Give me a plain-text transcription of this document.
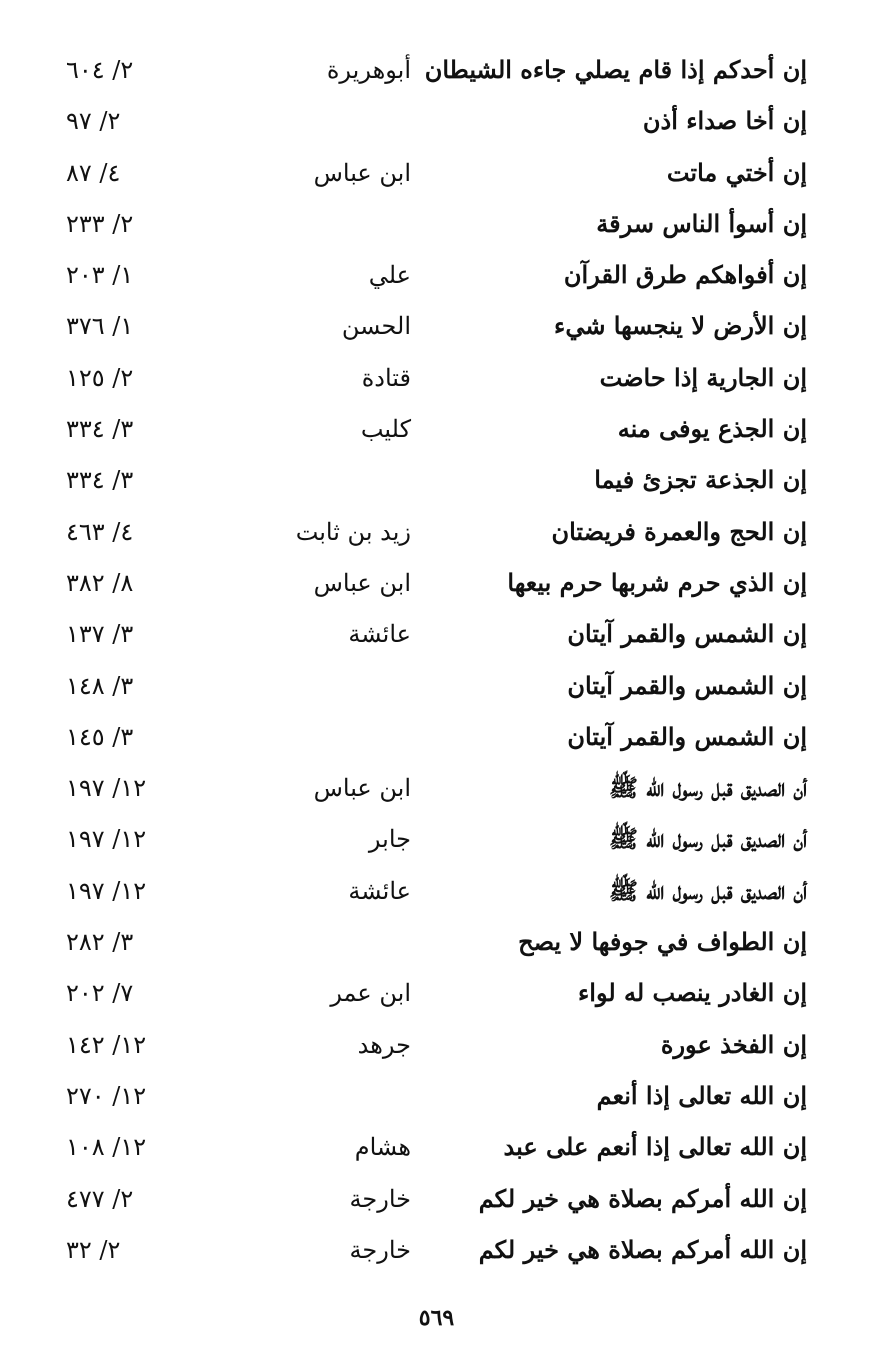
إن أحدكم إذا قام يصلي جاءه الشيطان
أبوهريرة
٢/ ٦٠٤
إن أخا صداء أذن
٢/ ٩٧
إن أختي ماتت
ابن عباس
٤/ ٨٧
إن أسوأ الناس سرقة
٢/ ٢٣٣
إن أفواهكم طرق القرآن
علي
١/ ٢٠٣
إن الأرض لا ينجسها شيء
الحسن
١/ ٣٧٦
إن الجارية إذا حاضت
قتادة
٢/ ١٢٥
إن الجذع يوفى منه
كليب
٣/ ٣٣٤
إن الجذعة تجزئ فيما
٣/ ٣٣٤
إن الحج والعمرة فريضتان
زيد بن ثابت
٤/ ٤٦٣
إن الذي حرم شربها حرم بيعها
ابن عباس
٨/ ٣٨٢
إن الشمس والقمر آيتان
عائشة
٣/ ١٣٧
إن الشمس والقمر آيتان
٣/ ١٤٨
إن الشمس والقمر آيتان
٣/ ١٤٥
أن الصديق قبل رسول الله ﷺ
ابن عباس
١٢/ ١٩٧
أن الصديق قبل رسول الله ﷺ
جابر
١٢/ ١٩٧
أن الصديق قبل رسول الله ﷺ
عائشة
١٢/ ١٩٧
إن الطواف في جوفها لا يصح
٣/ ٢٨٢
إن الغادر ينصب له لواء
ابن عمر
٧/ ٢٠٢
إن الفخذ عورة
جرهد
١٢/ ١٤٢
إن الله تعالى إذا أنعم
١٢/ ٢٧٠
إن الله تعالى إذا أنعم على عبد
هشام
١٢/ ١٠٨
إن الله أمركم بصلاة هي خير لكم
خارجة
٢/ ٤٧٧
إن الله أمركم بصلاة هي خير لكم
خارجة
٢/ ٣٢
٥٦٩
